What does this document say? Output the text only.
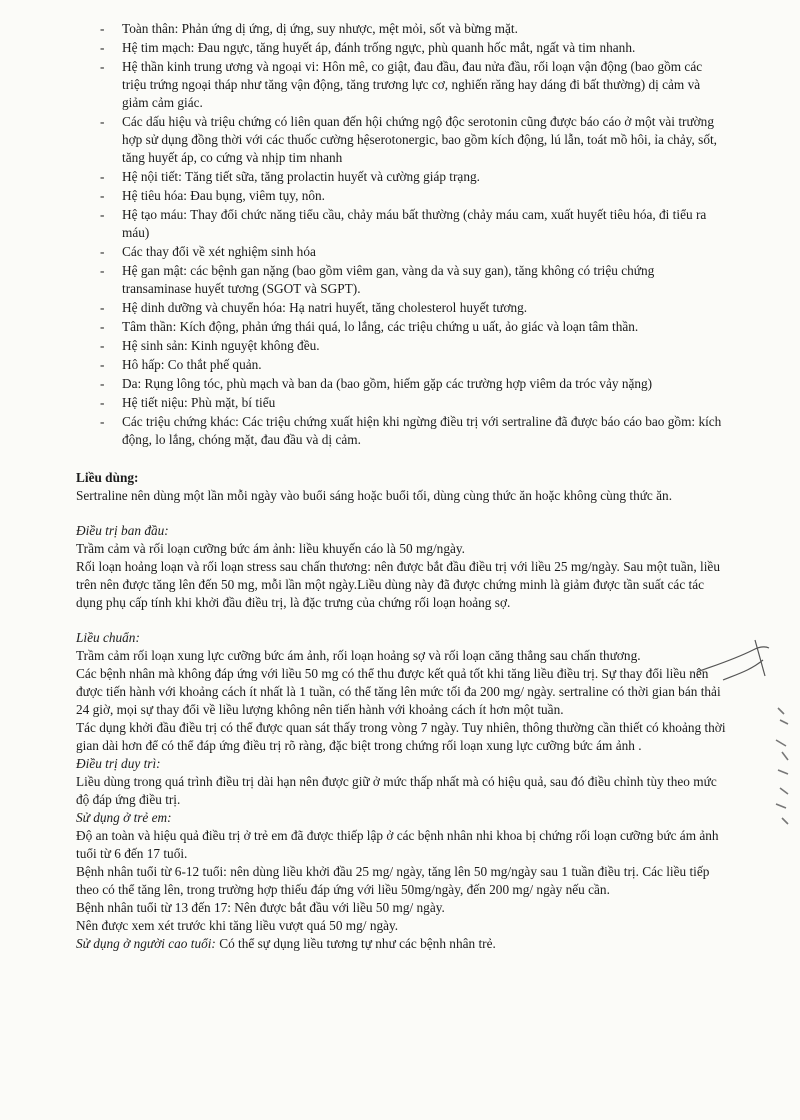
- Toàn thân: Phản ứng dị ứng, dị ứng, suy nhược, mệt mỏi, sốt và bừng mặt.
- Hệ tim mạch: Đau ngực, tăng huyết áp, đánh trống ngực, phù quanh hốc mắt, ngất và tim nhanh.
- Hệ thần kinh trung ương và ngoại vi: Hôn mê, co giật, đau đầu, đau nửa đầu, rối loạn vận động (bao gồm các triệu trứng ngoại tháp như tăng vận động, tăng trương lực cơ, nghiến răng hay dáng đi bất thường) dị cảm và giảm cảm giác.
- Các dấu hiệu và triệu chứng có liên quan đến hội chứng ngộ độc serotonin cũng được báo cáo ở một vài trường hợp sử dụng đồng thời với các thuốc cường hệserotonergic, bao gồm kích động, lú lẫn, toát mồ hôi, ỉa chảy, sốt, tăng huyết áp, co cứng và nhịp tim nhanh
- Hệ nội tiết: Tăng tiết sữa, tăng prolactin huyết và cường giáp trạng.
- Hệ tiêu hóa: Đau bụng, viêm tụy, nôn.
- Hệ tạo máu: Thay đổi chức năng tiểu cầu, chảy máu bất thường (chảy máu cam, xuất huyết tiêu hóa, đi tiểu ra máu)
- Các thay đổi về xét nghiệm sinh hóa
- Hệ gan mật: các bệnh gan nặng (bao gồm viêm gan, vàng da và suy gan), tăng không có triệu chứng transaminase huyết tương (SGOT và SGPT).
- Hệ dinh dưỡng và chuyển hóa: Hạ natri huyết, tăng cholesterol huyết tương.
- Tâm thần: Kích động, phản ứng thái quá, lo lắng, các triệu chứng u uất, ảo giác và loạn tâm thần.
- Hệ sinh sản: Kinh nguyệt không đều.
- Hô hấp: Co thắt phế quản.
- Da: Rụng lông tóc, phù mạch và ban da (bao gồm, hiếm gặp các trường hợp viêm da tróc vảy nặng)
- Hệ tiết niệu: Phù mặt, bí tiểu
- Các triệu chứng khác: Các triệu chứng xuất hiện khi ngừng điều trị với sertraline đã được báo cáo bao gồm: kích động, lo lắng, chóng mặt, đau đầu và dị cảm.

Liều dùng:

Sertraline nên dùng một lần mỗi ngày vào buổi sáng hoặc buổi tối, dùng cùng thức ăn hoặc không cùng thức ăn.

Điều trị ban đầu:

Trầm cảm và rối loạn cưỡng bức ám ảnh: liều khuyến cáo là 50 mg/ngày.

Rối loạn hoảng loạn và rối loạn stress sau chấn thương: nên được bắt đầu điều trị với liều 25 mg/ngày. Sau một tuần, liều trên nên được tăng lên đến 50 mg, mỗi lần một ngày.Liều dùng này đã được chứng minh là giảm được tần suất các tác dụng phụ cấp tính khi khởi đầu điều trị, là đặc trưng của chứng rối loạn hoảng sợ.

Liều chuẩn:

Trầm cảm rối loạn xung lực cưỡng bức ám ảnh, rối loạn hoảng sợ và rối loạn căng thẳng sau chấn thương.

Các bệnh nhân mà không đáp ứng với liều 50 mg có thể thu được kết quả tốt khi tăng liều điều trị. Sự thay đổi liều nên được tiến hành với khoảng cách ít nhất là 1 tuần, có thể tăng lên mức tối đa 200 mg/ ngày. sertraline có thời gian bán thải 24 giờ, mọi sự thay đổi về liều lượng không nên tiến hành với khoảng cách ít hơn một tuần.

Tác dụng khởi đầu điều trị có thể được quan sát thấy trong vòng 7 ngày. Tuy nhiên, thông thường cần thiết có khoảng thời gian dài hơn để có thể đáp ứng điều trị rõ ràng, đặc biệt trong chứng rối loạn xung lực cưỡng bức ám ảnh .

Điều trị duy trì:

Liều dùng trong quá trình điều trị dài hạn nên được giữ ở mức thấp nhất mà có hiệu quả, sau đó điều chỉnh tùy theo mức độ đáp ứng điều trị.

Sử dụng ở trẻ em:

Độ an toàn và hiệu quả điều trị ở trẻ em đã được thiếp lập ở các bệnh nhân nhi khoa bị chứng rối loạn cưỡng bức ám ảnh tuổi từ 6 đến 17 tuổi.

Bệnh nhân tuổi từ 6-12 tuổi: nên dùng liều khởi đầu 25 mg/ ngày, tăng lên 50 mg/ngày sau 1 tuần điều trị. Các liều tiếp theo có thể tăng lên, trong trường hợp thiếu đáp ứng với liều 50mg/ngày, đến 200 mg/ ngày nếu cần.

Bệnh nhân tuổi từ 13 đến 17: Nên được bắt đầu với liều 50 mg/ ngày.

Nên được xem xét trước khi tăng liều vượt quá 50 mg/ ngày.

Sử dụng ở người cao tuổi: Có thể sự dụng liều tương tự như các bệnh nhân trẻ.
